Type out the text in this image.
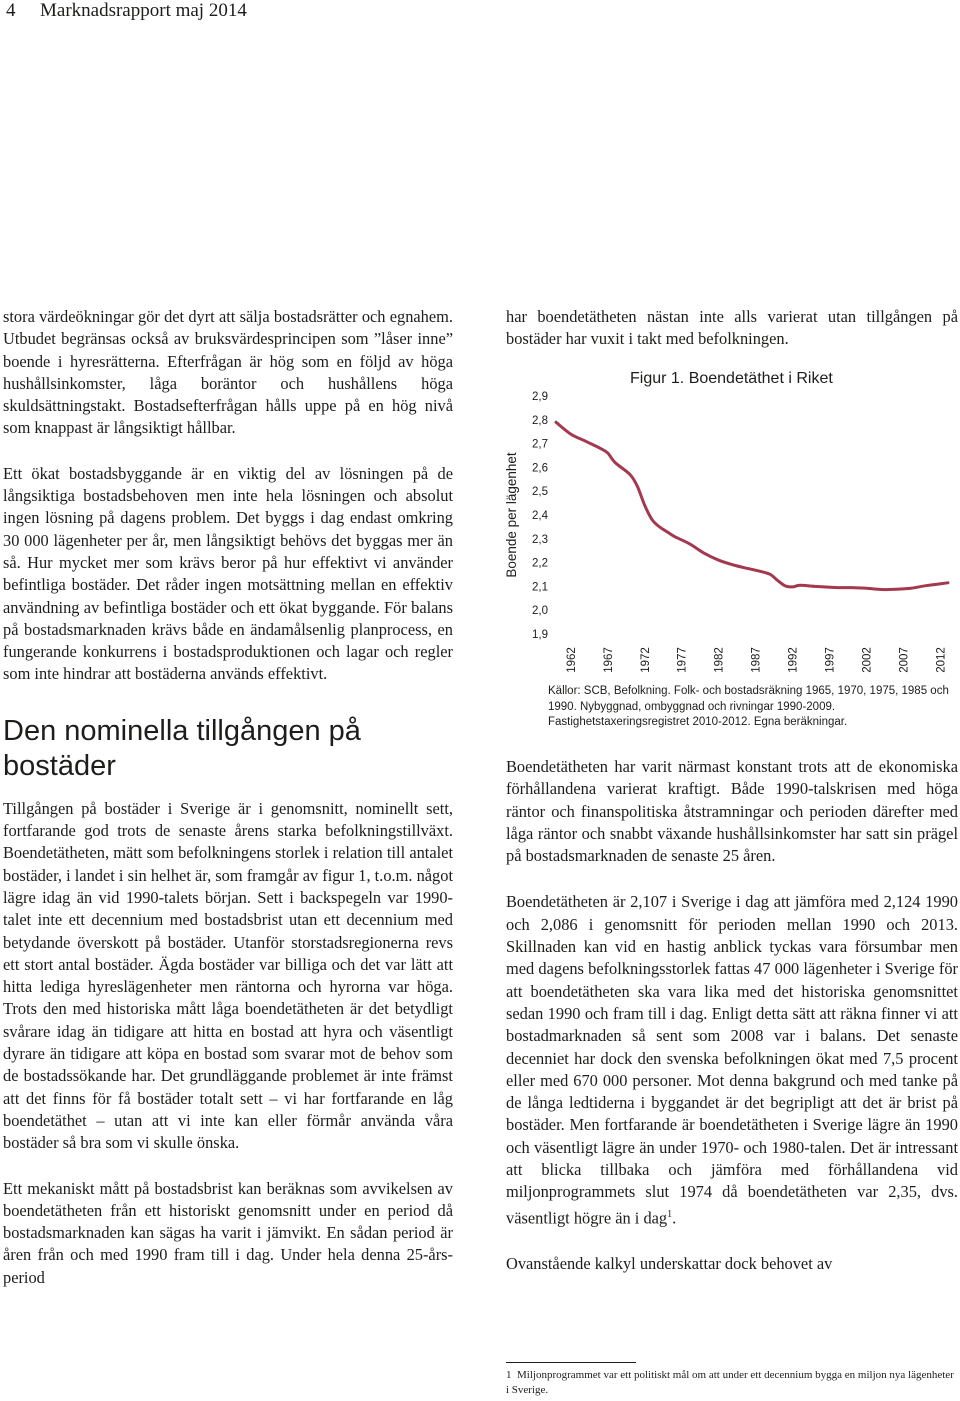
4 Marknadsrapport maj 2014

stora värdeökningar gör det dyrt att sälja bostadsrätter och egnahem. Utbudet begränsas också av bruksvärdesprincipen som ”låser inne” boende i hyresrätterna. Efterfrågan är hög som en följd av höga hushållsinkomster, låga boräntor och hushållens höga skuldsättningstakt. Bostadsefterfrågan hålls uppe på en hög nivå som knappast är långsiktigt hållbar.

Ett ökat bostadsbyggande är en viktig del av lösningen på de långsiktiga bostadsbehoven men inte hela lösningen och absolut ingen lösning på dagens problem. Det byggs i dag endast omkring 30 000 lägenheter per år, men långsiktigt behövs det byggas mer än så. Hur mycket mer som krävs beror på hur effektivt vi använder befintliga bostäder. Det råder ingen motsättning mellan en effektiv användning av befintliga bostäder och ett ökat byggande. För balans på bostadsmarknaden krävs både en ändamålsenlig planprocess, en fungerande konkurrens i bostadsproduktionen och lagar och regler som inte hindrar att bostäderna används effektivt.

Den nominella tillgången på bostäder

Tillgången på bostäder i Sverige är i genomsnitt, nominellt sett, fortfarande god trots de senaste årens starka befolkningstillväxt. Boendetätheten, mätt som befolkningens storlek i relation till antalet bostäder, i landet i sin helhet är, som framgår av figur 1, t.o.m. något lägre idag än vid 1990-talets början. Sett i backspegeln var 1990-talet inte ett decennium med bostadsbrist utan ett decennium med betydande överskott på bostäder. Utanför storstadsregionerna revs ett stort antal bostäder. Ägda bostäder var billiga och det var lätt att hitta lediga hyreslägenheter men räntorna och hyrorna var höga. Trots den med historiska mått låga boendetätheten är det betydligt svårare idag än tidigare att hitta en bostad att hyra och väsentligt dyrare än tidigare att köpa en bostad som svarar mot de behov som de bostadssökande har. Det grundläggande problemet är inte främst att det finns för få bostäder totalt sett – vi har fortfarande en låg boendetäthet – utan att vi inte kan eller förmår använda våra bostäder så bra som vi skulle önska.

Ett mekaniskt mått på bostadsbrist kan beräknas som avvikelsen av boendetätheten från ett historiskt genomsnitt under en period då bostadsmarknaden kan sägas ha varit i jämvikt. En sådan period är åren från och med 1990 fram till i dag. Under hela denna 25-års-period

har boendetätheten nästan inte alls varierat utan tillgången på bostäder har vuxit i takt med befolkningen.

Figur 1. Boendetäthet i Riket
1,9
2,0
2,1
2,2
2,3
2,4
2,5
2,6
2,7
2,8
2,9
1962 1967 1972 1977 1982 1987 1992 1997 2002 2007 2012
Boende per lägenhet
Källor: SCB, Befolkning. Folk- och bostadsräkning 1965, 1970, 1975, 1985 och 1990. Nybyggnad, ombyggnad och rivningar 1990-2009. Fastighetstaxeringsregistret 2010-2012. Egna beräkningar.

Boendetätheten har varit närmast konstant trots att de ekonomiska förhållandena varierat kraftigt. Både 1990-talskrisen med höga räntor och finanspolitiska åtstramningar och perioden därefter med låga räntor och snabbt växande hushållsinkomster har satt sin prägel på bostadsmarknaden de senaste 25 åren.

Boendetätheten är 2,107 i Sverige i dag att jämföra med 2,124 1990 och 2,086 i genomsnitt för perioden mellan 1990 och 2013. Skillnaden kan vid en hastig anblick tyckas vara försumbar men med dagens befolkningsstorlek fattas 47 000 lägenheter i Sverige för att boendetätheten ska vara lika med det historiska genomsnittet sedan 1990 och fram till i dag. Enligt detta sätt att räkna finner vi att bostadmarknaden så sent som 2008 var i balans. Det senaste decenniet har dock den svenska befolkningen ökat med 7,5 procent eller med 670 000 personer. Mot denna bakgrund och med tanke på de långa ledtiderna i byggandet är det begripligt att det är brist på bostäder. Men fortfarande är boendetätheten i Sverige lägre än 1990 och väsentligt lägre än under 1970- och 1980-talen. Det är intressant att blicka tillbaka och jämföra med förhållandena vid miljonprogrammets slut 1974 då boendetätheten var 2,35, dvs. väsentligt högre än i dag$^1$.

Ovanstående kalkyl underskattar dock behovet av

1 Miljonprogrammet var ett politiskt mål om att under ett decennium bygga en miljon nya lägenheter i Sverige.
